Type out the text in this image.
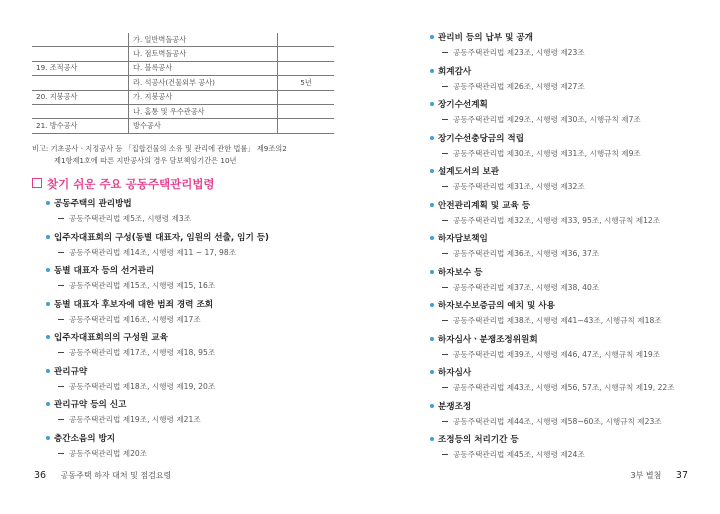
	가. 일반벽돌공사	
	나. 점토벽돌공사	
19. 조적공사	다. 블록공사	
	라. 석공사(건물외부 공사)	5년
20. 지붕공사	가. 지붕공사	
	나. 홈통 및 우수관공사	
21. 방수공사	방수공사	
비고: 기초공사ㆍ지정공사 등 「집합건물의 소유 및 관리에 관한 법률」 제9조의2
제1항제1호에 따른 지반공사의 경우 담보책임기간은 10년
찾기 쉬운 주요 공동주택관리법령
공동주택의 관리방법
공동주택관리법 제5조, 시행령 제3조
입주자대표회의 구성(동별 대표자, 임원의 선출, 임기 등)
공동주택관리법 제14조, 시행령 제11 ~ 17, 98조
동별 대표자 등의 선거관리
공동주택관리법 제15조, 시행령 제15, 16조
동별 대표자 후보자에 대한 범죄 경력 조회
공동주택관리법 제16조, 시행령 제17조
입주자대표회의의 구성원 교육
공동주택관리법 제17조, 시행령 제18, 95조
관리규약
공동주택관리법 제18조, 시행령 제19, 20조
관리규약 등의 신고
공동주택관리법 제19조, 시행령 제21조
층간소음의 방지
공동주택관리법 제20조
36 공동주택 하자 대처 및 점검요령	3부 별첨 37
관리비 등의 납부 및 공개
공동주택관리법 제23조, 시행령 제23조
회계감사
공동주택관리법 제26조, 시행령 제27조
장기수선계획
공동주택관리법 제29조, 시행령 제30조, 시행규칙 제7조
장기수선충당금의 적립
공동주택관리법 제30조, 시행령 제31조, 시행규칙 제9조
설계도서의 보관
공동주택관리법 제31조, 시행령 제32조
안전관리계획 및 교육 등
공동주택관리법 제32조, 시행령 제33, 95조, 시행규칙 제12조
하자담보책임
공동주택관리법 제36조, 시행령 제36, 37조
하자보수 등
공동주택관리법 제37조, 시행령 제38, 40조
하자보수보증금의 예치 및 사용
공동주택관리법 제38조, 시행령 제41~43조, 시행규칙 제18조
하자심사ㆍ분쟁조정위원회
공동주택관리법 제39조, 시행령 제46, 47조, 시행규칙 제19조
하자심사
공동주택관리법 제43조, 시행령 제56, 57조, 시행규칙 제19, 22조
분쟁조정
공동주택관리법 제44조, 시행령 제58~60조, 시행규칙 제23조
조정등의 처리기간 등
공동주택관리법 제45조, 시행령 제24조
